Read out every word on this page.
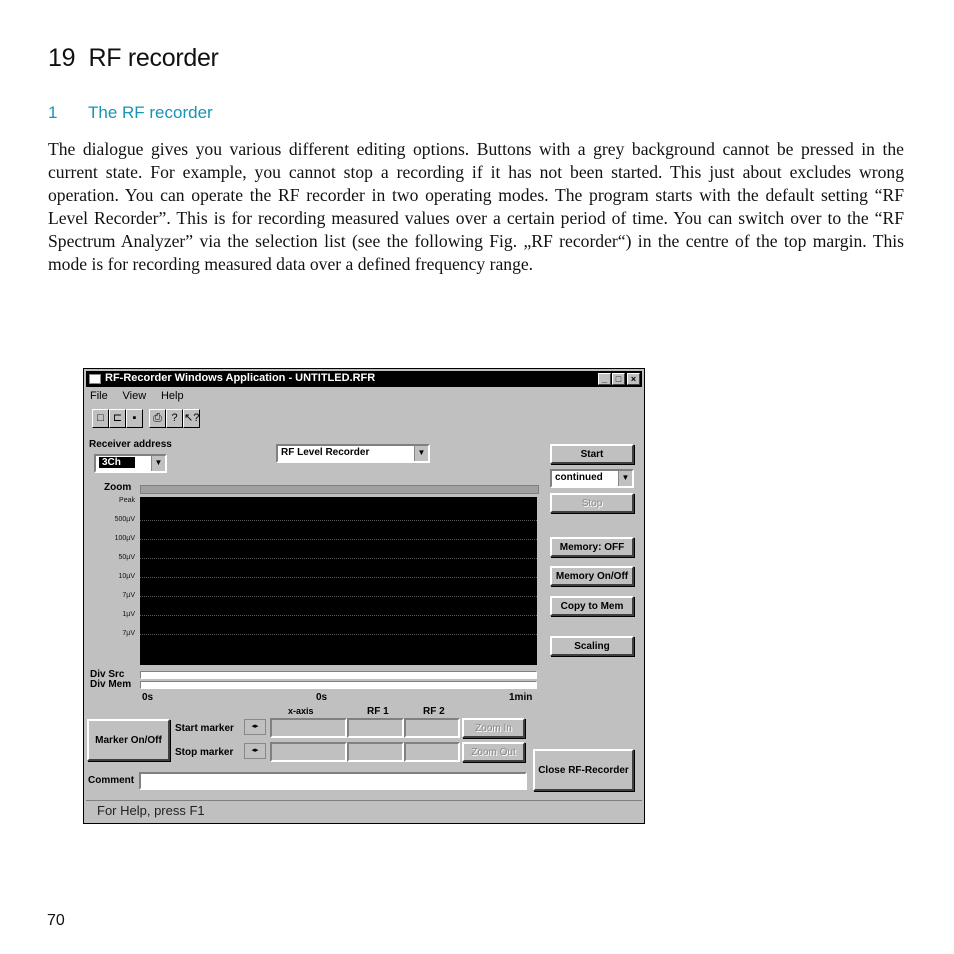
19 RF recorder
1 The RF recorder
The dialogue gives you various different editing options. Buttons with a grey background cannot be pressed in the current state. For example, you cannot stop a recording if it has not been started. This just about excludes wrong operation. You can operate the RF recorder in two operating modes. The program starts with the default setting “RF Level Recorder”. This is for recording measured values over a certain period of time. You can switch over to the “RF Spectrum Analyzer” via the selection list (see the following Fig. „RF recorder“) in the centre of the top margin. This mode is for recording measured data over a defined frequency range.
RF-Recorder Windows Application - UNTITLED.RFR	_ □	×
File View Help
□ ⊏ ▪	⎙ ? ↖?
Receiver address
3Ch	▼
RF Level Recorder	▼
Zoom
Peak
500µV
100µV
50µV
10µV
7µV
1µV
7µV
Div Src
Div Mem
0s	0s	1min
x-axis	RF 1	RF 2
Marker On/Off
Start marker	◂▸	Zoom In
Stop marker	◂▸	Zoom Out
Comment
Start
continued	▼
Stop
Memory: OFF
Memory On/Off
Copy to Mem
Scaling
Close RF-Recorder
For Help, press F1
70
